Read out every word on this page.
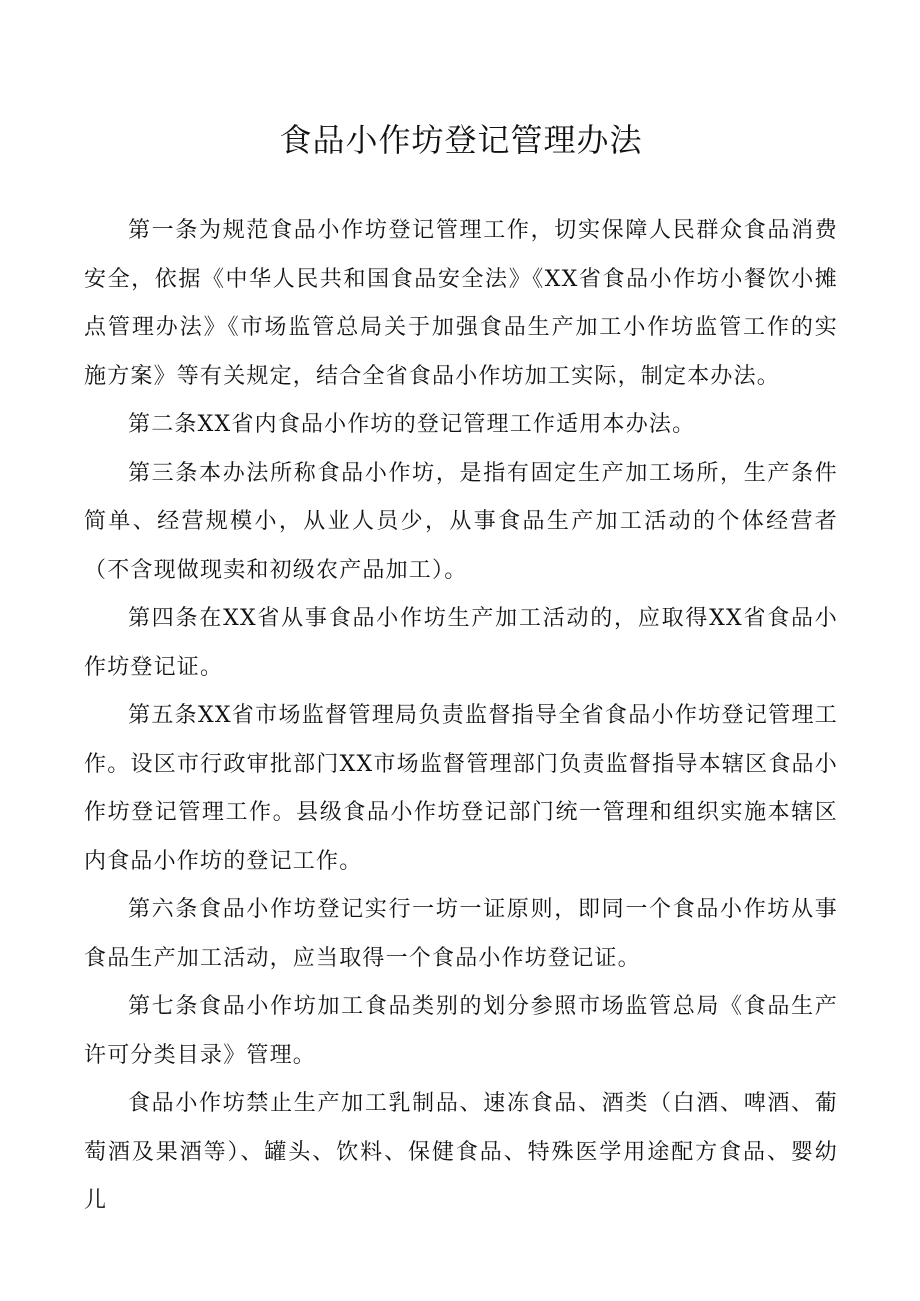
食品小作坊登记管理办法

第一条为规范食品小作坊登记管理工作，切实保障人民群众食品消费安全，依据《中华人民共和国食品安全法》《XX省食品小作坊小餐饮小摊点管理办法》《市场监管总局关于加强食品生产加工小作坊监管工作的实施方案》等有关规定，结合全省食品小作坊加工实际，制定本办法。

第二条XX省内食品小作坊的登记管理工作适用本办法。

第三条本办法所称食品小作坊，是指有固定生产加工场所，生产条件简单、经营规模小，从业人员少，从事食品生产加工活动的个体经营者（不含现做现卖和初级农产品加工）。

第四条在XX省从事食品小作坊生产加工活动的，应取得XX省食品小作坊登记证。

第五条XX省市场监督管理局负责监督指导全省食品小作坊登记管理工作。设区市行政审批部门XX市场监督管理部门负责监督指导本辖区食品小作坊登记管理工作。县级食品小作坊登记部门统一管理和组织实施本辖区内食品小作坊的登记工作。

第六条食品小作坊登记实行一坊一证原则，即同一个食品小作坊从事食品生产加工活动，应当取得一个食品小作坊登记证。

第七条食品小作坊加工食品类别的划分参照市场监管总局《食品生产许可分类目录》管理。

食品小作坊禁止生产加工乳制品、速冻食品、酒类（白酒、啤酒、葡萄酒及果酒等）、罐头、饮料、保健食品、特殊医学用途配方食品、婴幼儿
